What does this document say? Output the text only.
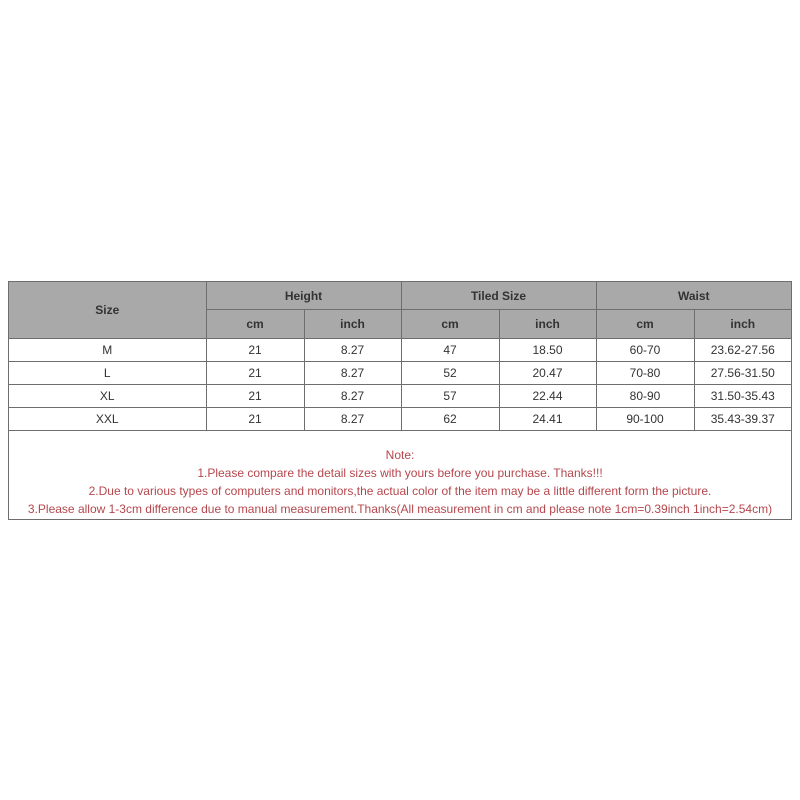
Size	Height		Tiled Size		Waist	
	cm	inch	cm	inch	cm	inch
M	21	8.27	47	18.50	60-70	23.62-27.56
L	21	8.27	52	20.47	70-80	27.56-31.50
XL	21	8.27	57	22.44	80-90	31.50-35.43
XXL	21	8.27	62	24.41	90-100	35.43-39.37
Note:
1.Please compare the detail sizes with yours before you purchase. Thanks!!!
2.Due to various types of computers and monitors,the actual color of the item may be a little different form the picture.
3.Please allow 1-3cm difference due to manual measurement.Thanks(All measurement in cm and please note 1cm=0.39inch 1inch=2.54cm)
